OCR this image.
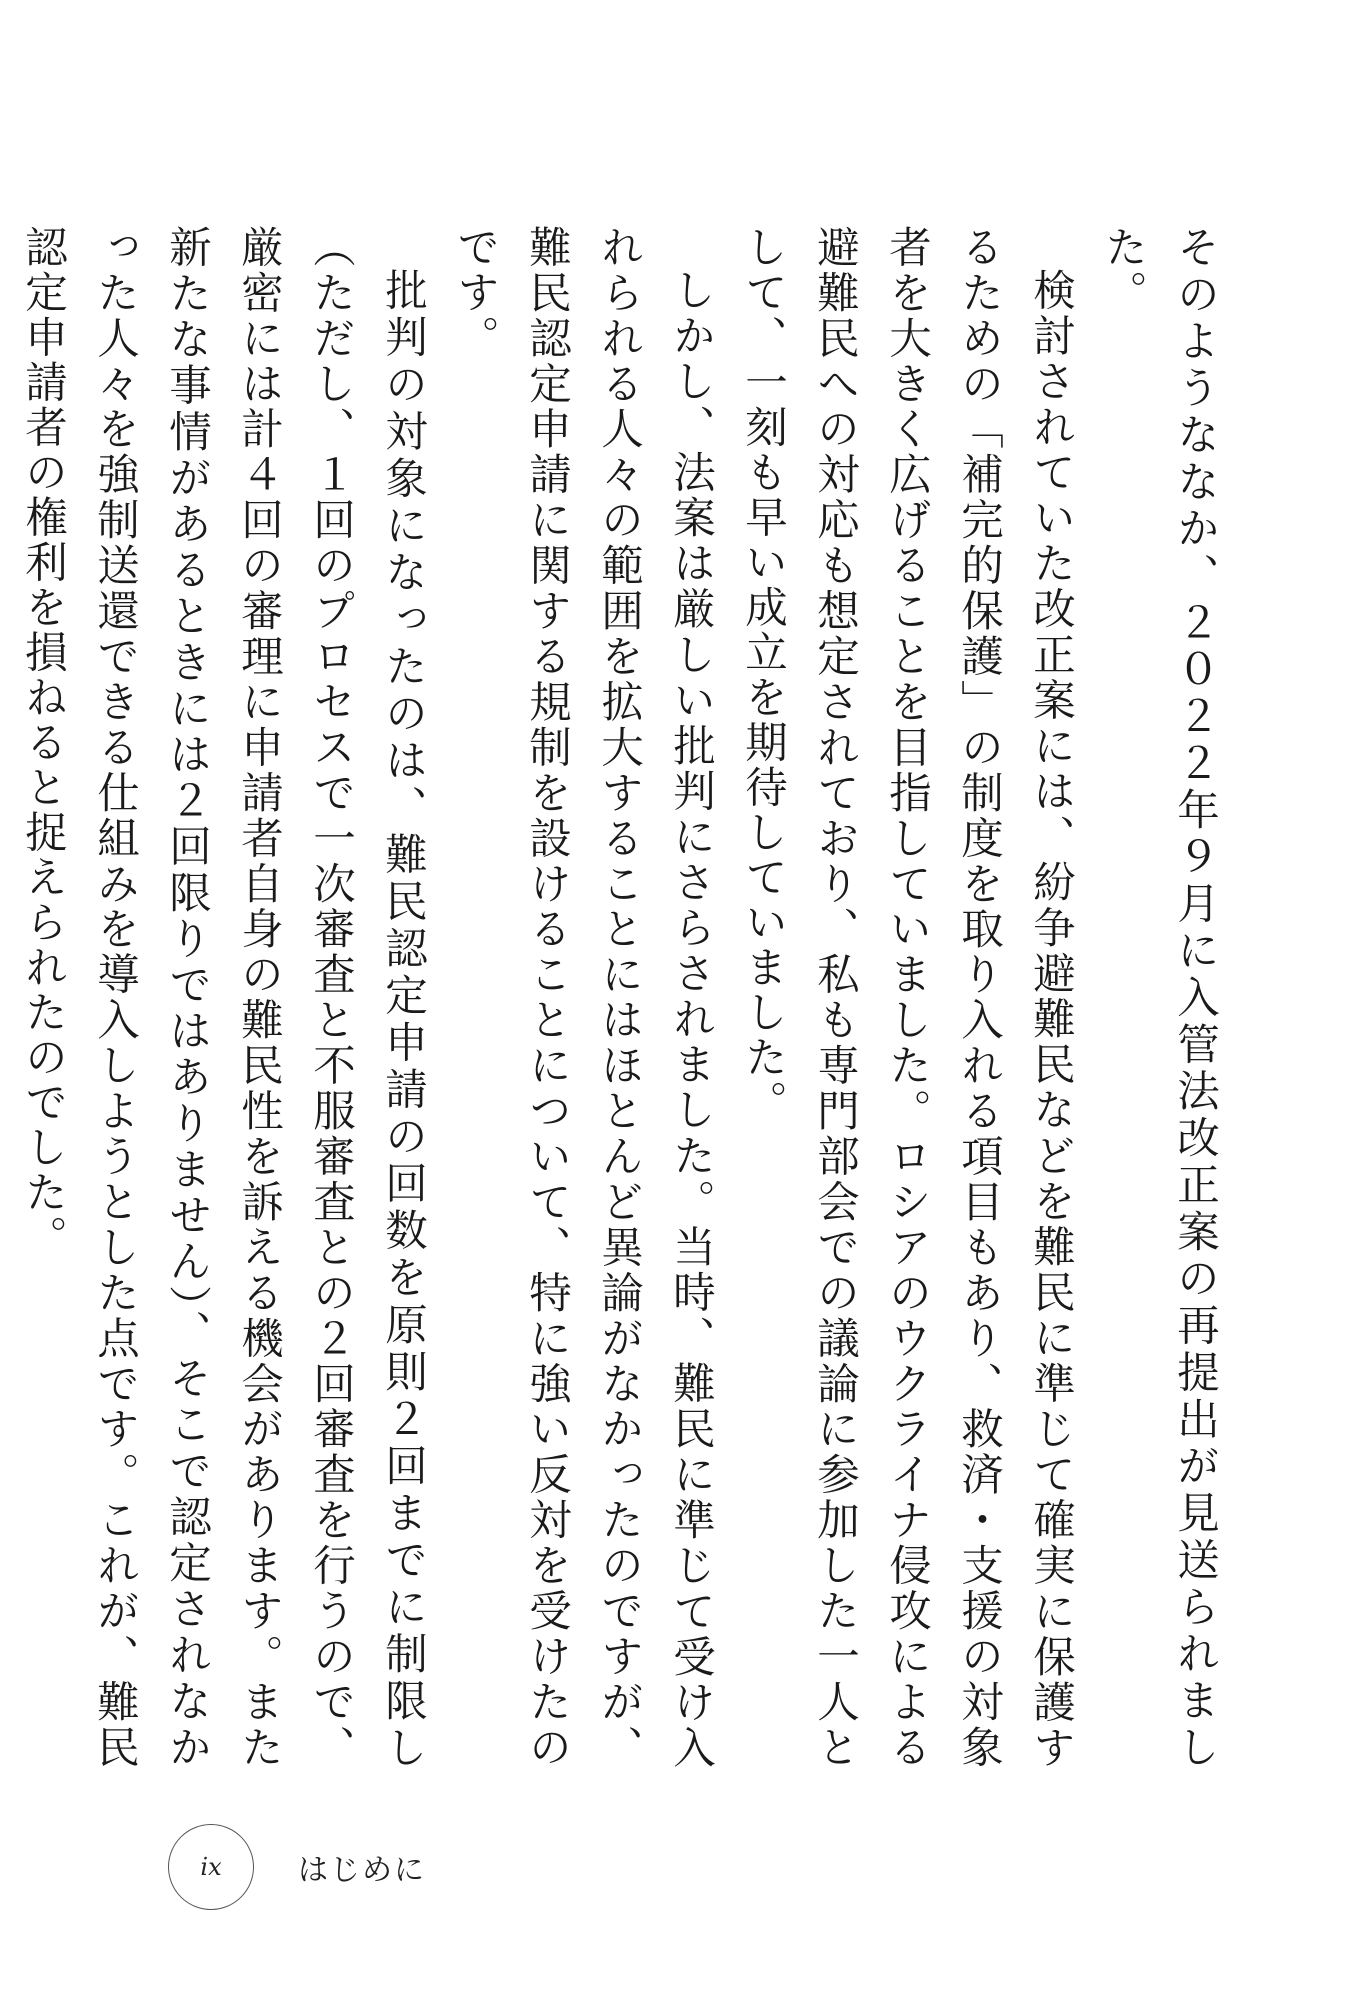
そのようななか、２０２２年９月に入管法改正案の再提出が見送られました。

検討されていた改正案には、紛争避難民などを難民に準じて確実に保護するための「補完的保護」の制度を取り入れる項目もあり、救済・支援の対象者を大きく広げることを目指していました。ロシアのウクライナ侵攻による避難民への対応も想定されており、私も専門部会での議論に参加した一人として、一刻も早い成立を期待していました。

しかし、法案は厳しい批判にさらされました。当時、難民に準じて受け入れられる人々の範囲を拡大することにはほとんど異論がなかったのですが、難民認定申請に関する規制を設けることについて、特に強い反対を受けたのです。

批判の対象になったのは、難民認定申請の回数を原則２回までに制限し（ただし、１回のプロセスで一次審査と不服審査との２回審査を行うので、厳密には計４回の審理に申請者自身の難民性を訴える機会があります。また新たな事情があるときには２回限りではありません）、そこで認定されなかった人々を強制送還できる仕組みを導入しようとした点です。これが、難民認定申請者の権利を損ねると捉えられたのでした。

ix	はじめに
